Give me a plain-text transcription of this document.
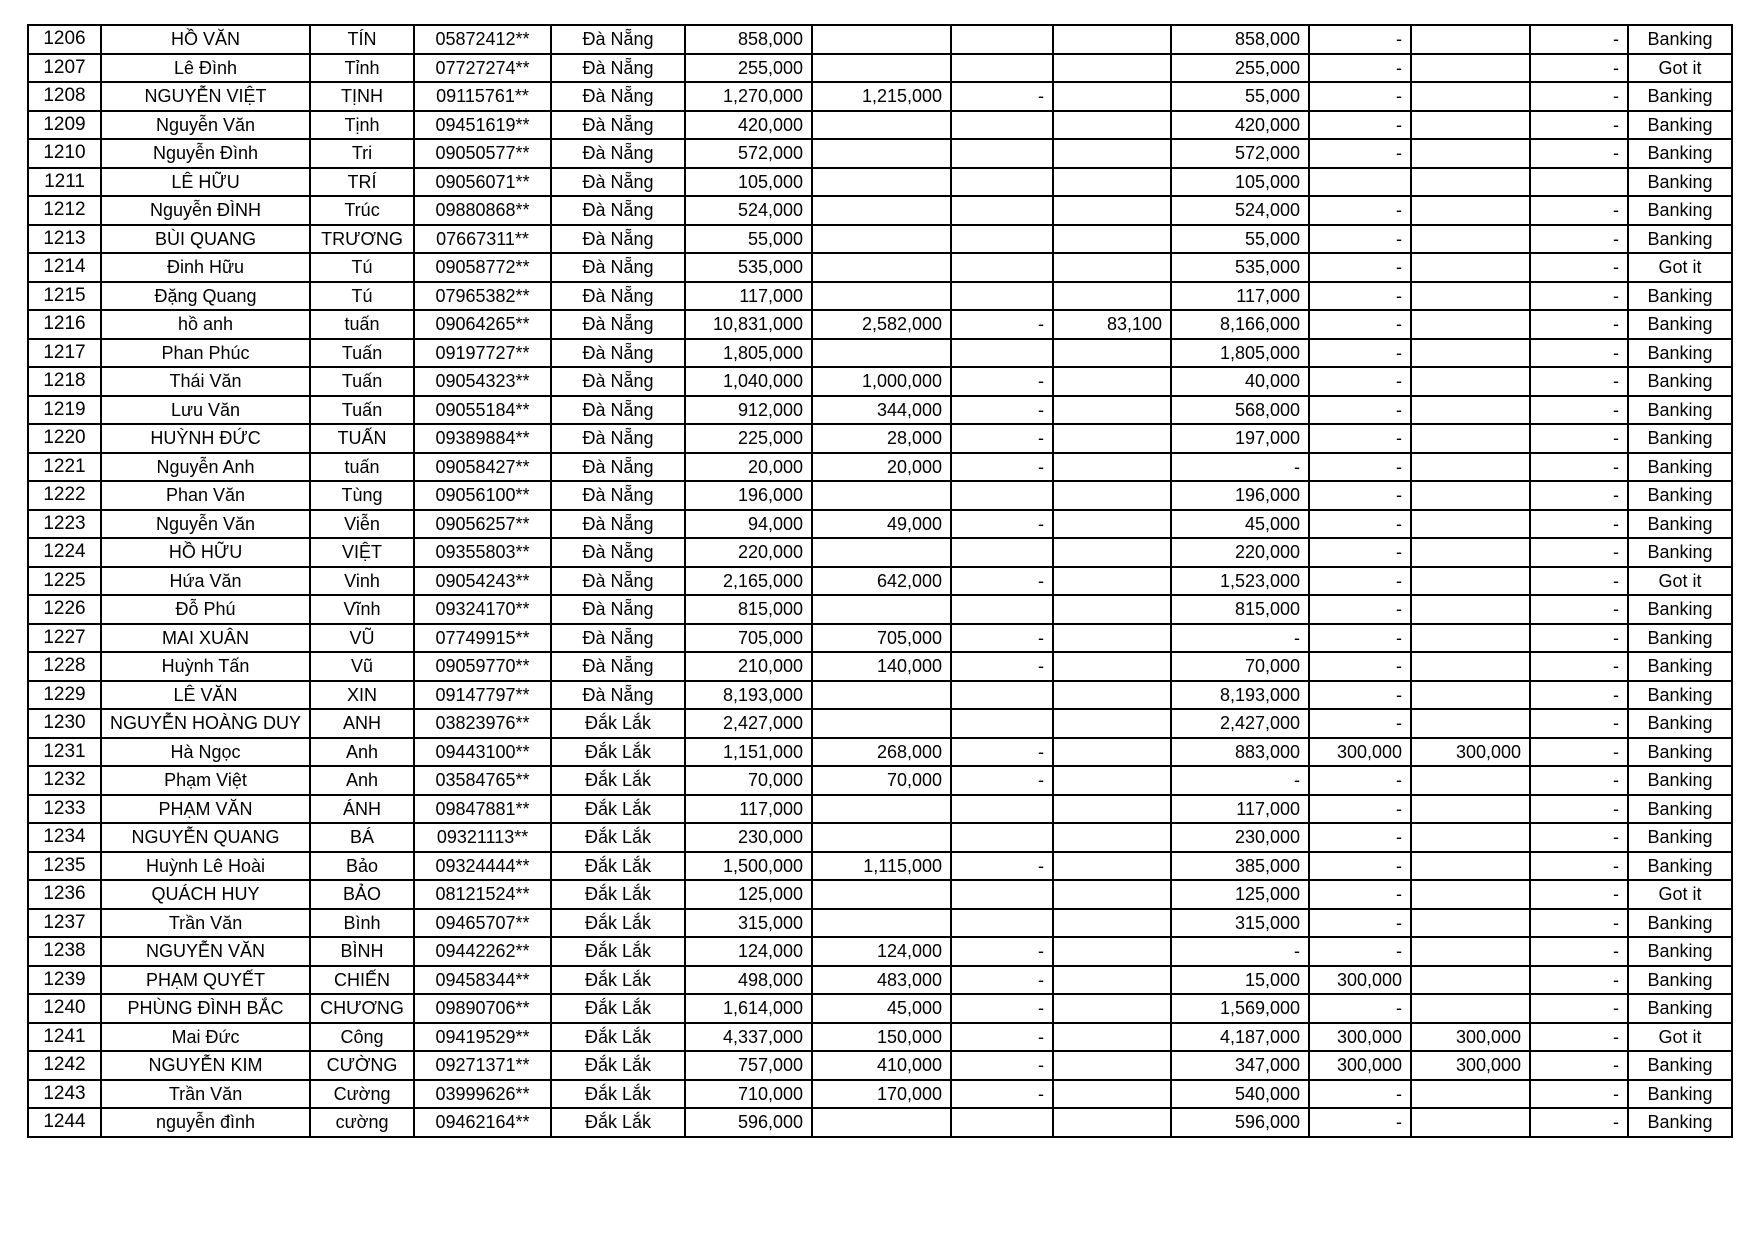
1206	HỒ VĂN	TÍN	05872412**	Đà Nẵng	858,000				858,000	-		-	Banking
1207	Lê Đình	Tỉnh	07727274**	Đà Nẵng	255,000				255,000	-		-	Got it
1208	NGUYỄN VIỆT	TỊNH	09115761**	Đà Nẵng	1,270,000	1,215,000	-		55,000	-		-	Banking
1209	Nguyễn Văn	Tịnh	09451619**	Đà Nẵng	420,000				420,000	-		-	Banking
1210	Nguyễn Đình	Tri	09050577**	Đà Nẵng	572,000				572,000	-		-	Banking
1211	LÊ HỮU	TRÍ	09056071**	Đà Nẵng	105,000				105,000				Banking
1212	Nguyễn ĐÌNH	Trúc	09880868**	Đà Nẵng	524,000				524,000	-		-	Banking
1213	BÙI QUANG	TRƯƠNG	07667311**	Đà Nẵng	55,000				55,000	-		-	Banking
1214	Đinh Hữu	Tú	09058772**	Đà Nẵng	535,000				535,000	-		-	Got it
1215	Đặng Quang	Tú	07965382**	Đà Nẵng	117,000				117,000	-		-	Banking
1216	hồ anh	tuấn	09064265**	Đà Nẵng	10,831,000	2,582,000	-	83,100	8,166,000	-		-	Banking
1217	Phan Phúc	Tuấn	09197727**	Đà Nẵng	1,805,000				1,805,000	-		-	Banking
1218	Thái Văn	Tuấn	09054323**	Đà Nẵng	1,040,000	1,000,000	-		40,000	-		-	Banking
1219	Lưu Văn	Tuấn	09055184**	Đà Nẵng	912,000	344,000	-		568,000	-		-	Banking
1220	HUỲNH ĐỨC	TUẤN	09389884**	Đà Nẵng	225,000	28,000	-		197,000	-		-	Banking
1221	Nguyễn Anh	tuấn	09058427**	Đà Nẵng	20,000	20,000	-		-	-		-	Banking
1222	Phan Văn	Tùng	09056100**	Đà Nẵng	196,000				196,000	-		-	Banking
1223	Nguyễn Văn	Viễn	09056257**	Đà Nẵng	94,000	49,000	-		45,000	-		-	Banking
1224	HỒ HỮU	VIỆT	09355803**	Đà Nẵng	220,000				220,000	-		-	Banking
1225	Hứa Văn	Vinh	09054243**	Đà Nẵng	2,165,000	642,000	-		1,523,000	-		-	Got it
1226	Đỗ Phú	Vĩnh	09324170**	Đà Nẵng	815,000				815,000	-		-	Banking
1227	MAI XUÂN	VŨ	07749915**	Đà Nẵng	705,000	705,000	-		-	-		-	Banking
1228	Huỳnh Tấn	Vũ	09059770**	Đà Nẵng	210,000	140,000	-		70,000	-		-	Banking
1229	LÊ VĂN	XIN	09147797**	Đà Nẵng	8,193,000				8,193,000	-		-	Banking
1230	NGUYỄN HOÀNG DUY	ANH	03823976**	Đắk Lắk	2,427,000				2,427,000	-		-	Banking
1231	Hà Ngọc	Anh	09443100**	Đắk Lắk	1,151,000	268,000	-		883,000	300,000	300,000	-	Banking
1232	Phạm Việt	Anh	03584765**	Đắk Lắk	70,000	70,000	-		-	-		-	Banking
1233	PHẠM VĂN	ÁNH	09847881**	Đắk Lắk	117,000				117,000	-		-	Banking
1234	NGUYỄN QUANG	BÁ	09321113**	Đắk Lắk	230,000				230,000	-		-	Banking
1235	Huỳnh Lê Hoài	Bảo	09324444**	Đắk Lắk	1,500,000	1,115,000	-		385,000	-		-	Banking
1236	QUÁCH HUY	BẢO	08121524**	Đắk Lắk	125,000				125,000	-		-	Got it
1237	Trần Văn	Bình	09465707**	Đắk Lắk	315,000				315,000	-		-	Banking
1238	NGUYỄN VĂN	BÌNH	09442262**	Đắk Lắk	124,000	124,000	-		-	-		-	Banking
1239	PHẠM QUYẾT	CHIẾN	09458344**	Đắk Lắk	498,000	483,000	-		15,000	300,000		-	Banking
1240	PHÙNG ĐÌNH BẮC	CHƯƠNG	09890706**	Đắk Lắk	1,614,000	45,000	-		1,569,000	-		-	Banking
1241	Mai Đức	Công	09419529**	Đắk Lắk	4,337,000	150,000	-		4,187,000	300,000	300,000	-	Got it
1242	NGUYỄN KIM	CƯỜNG	09271371**	Đắk Lắk	757,000	410,000	-		347,000	300,000	300,000	-	Banking
1243	Trần Văn	Cường	03999626**	Đắk Lắk	710,000	170,000	-		540,000	-		-	Banking
1244	nguyễn đình	cường	09462164**	Đắk Lắk	596,000				596,000	-		-	Banking
